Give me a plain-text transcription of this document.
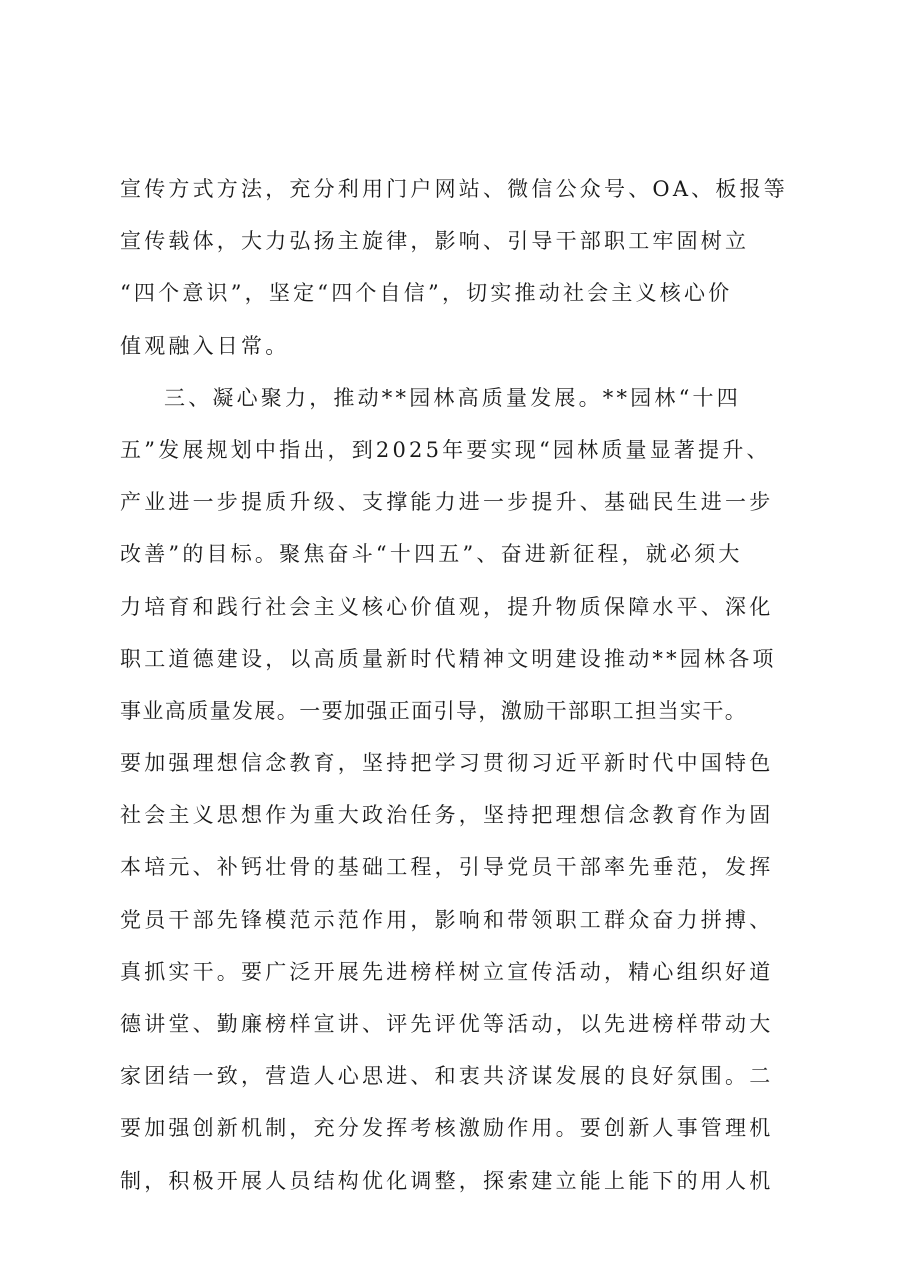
宣传方式方法，充分利用门户网站、微信公众号、OA、板报等
宣传载体，大力弘扬主旋律，影响、引导干部职工牢固树立
“四个意识”，坚定“四个自信”，切实推动社会主义核心价
值观融入日常。
三、凝心聚力，推动**园林高质量发展。**园林“十四
五”发展规划中指出，到2025年要实现“园林质量显著提升、
产业进一步提质升级、支撑能力进一步提升、基础民生进一步
改善”的目标。聚焦奋斗“十四五”、奋进新征程，就必须大
力培育和践行社会主义核心价值观，提升物质保障水平、深化
职工道德建设，以高质量新时代精神文明建设推动**园林各项
事业高质量发展。一要加强正面引导，激励干部职工担当实干。
要加强理想信念教育，坚持把学习贯彻习近平新时代中国特色
社会主义思想作为重大政治任务，坚持把理想信念教育作为固
本培元、补钙壮骨的基础工程，引导党员干部率先垂范，发挥
党员干部先锋模范示范作用，影响和带领职工群众奋力拼搏、
真抓实干。要广泛开展先进榜样树立宣传活动，精心组织好道
德讲堂、勤廉榜样宣讲、评先评优等活动，以先进榜样带动大
家团结一致，营造人心思进、和衷共济谋发展的良好氛围。二
要加强创新机制，充分发挥考核激励作用。要创新人事管理机
制，积极开展人员结构优化调整，探索建立能上能下的用人机
